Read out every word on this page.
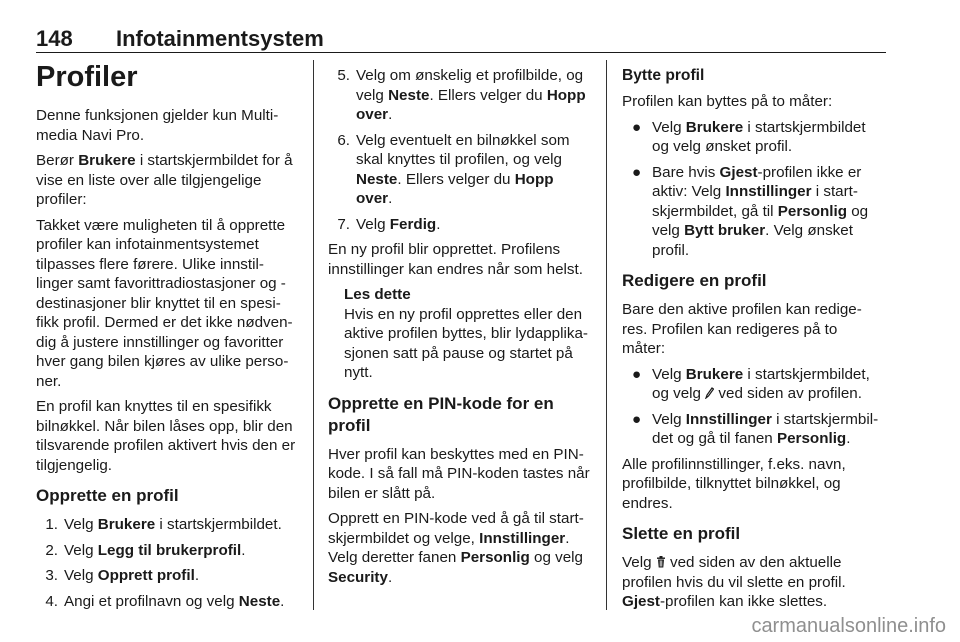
148 Infotainmentsystem
Profiler

Denne funksjonen gjelder kun Multi-media Navi Pro.

Berør Brukere i startskjermbildet for å vise en liste over alle tilgjengelige profiler:

Takket være muligheten til å opprette profiler kan infotainmentsystemet tilpasses flere førere. Ulike innstil-linger samt favorittradiostasjoner og -destinasjoner blir knyttet til en spesi-fikk profil. Dermed er det ikke nødven-dig å justere innstillinger og favoritter hver gang bilen kjøres av ulike perso-ner.

En profil kan knyttes til en spesifikk bilnøkkel. Når bilen låses opp, blir den tilsvarende profilen aktivert hvis den er tilgjengelig.

Opprette en profil
1. Velg Brukere i startskjermbildet.
2. Velg Legg til brukerprofil.
3. Velg Opprett profil.
4. Angi et profilnavn og velg Neste.
5. Velg om ønskelig et profilbilde, og velg Neste. Ellers velger du Hopp over.
6. Velg eventuelt en bilnøkkel som skal knyttes til profilen, og velg Neste. Ellers velger du Hopp over.
7. Velg Ferdig.

En ny profil blir opprettet. Profilens innstillinger kan endres når som helst.

Les dette
Hvis en ny profil opprettes eller den aktive profilen byttes, blir lydapplika-sjonen satt på pause og startet på nytt.
Opprette en PIN-kode for en profil

Hver profil kan beskyttes med en PIN-kode. I så fall må PIN-koden tastes når bilen er slått på.

Opprett en PIN-kode ved å gå til start-skjermbildet og velge, Innstillinger. Velg deretter fanen Personlig og velg Security.

Bytte profil

Profilen kan byttes på to måter:

● Velg Brukere i startskjermbildet og velg ønsket profil.
● Bare hvis Gjest-profilen ikke er aktiv: Velg Innstillinger i start-skjermbildet, gå til Personlig og velg Bytt bruker. Velg ønsket profil.
Redigere en profil

Bare den aktive profilen kan redige-res. Profilen kan redigeres på to måter:

● Velg Brukere i startskjermbildet, og velg  ved siden av profilen.
● Velg Innstillinger i startskjermbil-det og gå til fanen Personlig.

Alle profilinnstillinger, f.eks. navn, profilbilde, tilknyttet bilnøkkel, og endres.

Slette en profil

Velg  ved siden av den aktuelle profilen hvis du vil slette en profil.

Gjest-profilen kan ikke slettes.

carmanualsonline.info
